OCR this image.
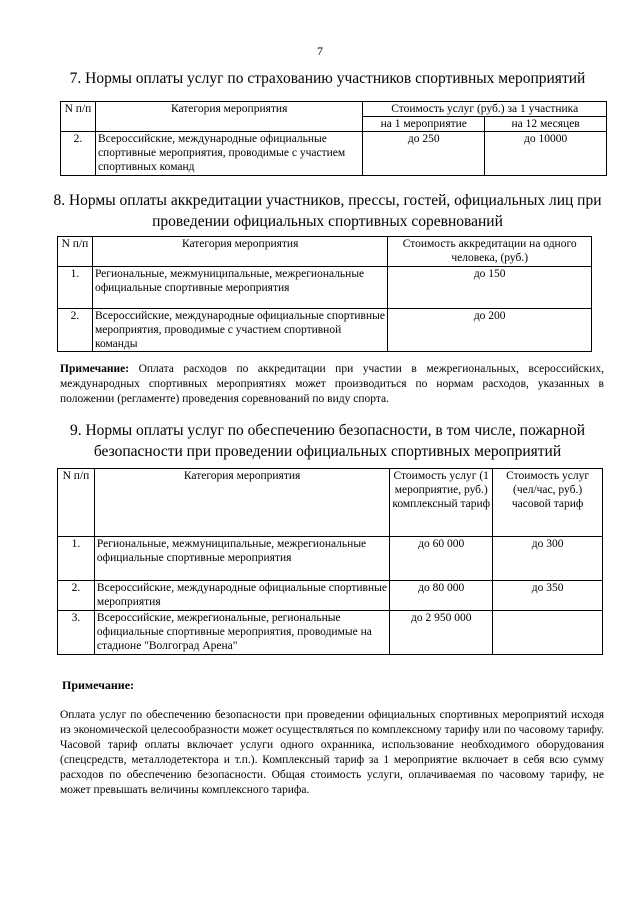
7
7. Нормы оплаты услуг по страхованию участников спортивных мероприятий
N п/п	Категория мероприятия	Стоимость услуг (руб.) за 1 участника	
		на 1 мероприятие	на 12 месяцев
2.	Всероссийские, международные официальные спортивные мероприятия, проводимые с участием спортивных команд	до 250	до 10000
8. Нормы оплаты аккредитации участников, прессы, гостей, официальных лиц при проведении официальных спортивных соревнований
N п/п	Категория мероприятия	Стоимость аккредитации на одного человека, (руб.)
1.	Региональные, межмуниципальные, межрегиональные официальные спортивные мероприятия	до 150
2.	Всероссийские, международные официальные спортивные мероприятия, проводимые с участием спортивной команды	до 200
Примечание: Оплата расходов по аккредитации при участии в межрегиональных, всероссийских, международных спортивных мероприятиях может производиться по нормам расходов, указанных в положении (регламенте) проведения соревнований по виду спорта.
9. Нормы оплаты услуг по обеспечению безопасности, в том числе, пожарной безопасности при проведении официальных спортивных мероприятий
N п/п	Категория мероприятия	Стоимость услуг (1 мероприятие, руб.) комплексный тариф	Стоимость услуг (чел/час, руб.) часовой тариф
1.	Региональные, межмуниципальные, межрегиональные официальные спортивные мероприятия	до 60 000	до 300
2.	Всероссийские, международные официальные спортивные мероприятия	до 80 000	до 350
3.	Всероссийские, межрегиональные, региональные официальные спортивные мероприятия, проводимые на стадионе "Волгоград Арена"	до 2 950 000	
Примечание:
Оплата услуг по обеспечению безопасности при проведении официальных спортивных мероприятий исходя из экономической целесообразности может осуществляться по комплексному тарифу или по часовому тарифу. Часовой тариф оплаты включает услуги одного охранника, использование необходимого оборудования (спецсредств, металлодетектора и т.п.). Комплексный тариф за 1 мероприятие включает в себя всю сумму расходов по обеспечению безопасности. Общая стоимость услуги, оплачиваемая по часовому тарифу, не может превышать величины комплексного тарифа.
